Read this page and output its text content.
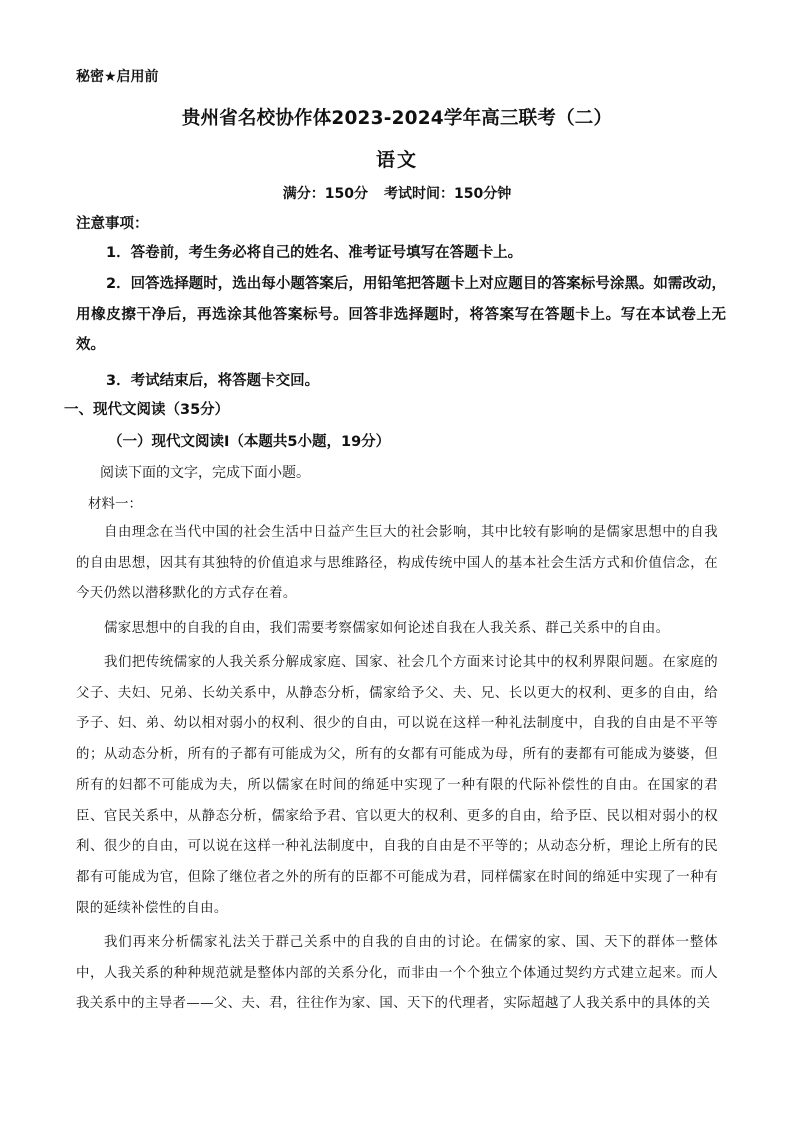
秘密★启用前
贵州省名校协作体2023-2024学年高三联考（二）
语文
满分：150分 考试时间：150分钟
注意事项：
1．答卷前，考生务必将自己的姓名、准考证号填写在答题卡上。
2．回答选择题时，选出每小题答案后，用铅笔把答题卡上对应题目的答案标号涂黑。如需改动，用橡皮擦干净后，再选涂其他答案标号。回答非选择题时，将答案写在答题卡上。写在本试卷上无效。
3．考试结束后，将答题卡交回。
一、现代文阅读（35分）
（一）现代文阅读Ⅰ（本题共5小题，19分）
阅读下面的文字，完成下面小题。
材料一：
自由理念在当代中国的社会生活中日益产生巨大的社会影响，其中比较有影响的是儒家思想中的自我的自由思想，因其有其独特的价值追求与思维路径，构成传统中国人的基本社会生活方式和价值信念，在今天仍然以潜移默化的方式存在着。
儒家思想中的自我的自由，我们需要考察儒家如何论述自我在人我关系、群己关系中的自由。
我们把传统儒家的人我关系分解成家庭、国家、社会几个方面来讨论其中的权利界限问题。在家庭的父子、夫妇、兄弟、长幼关系中，从静态分析，儒家给予父、夫、兄、长以更大的权利、更多的自由，给予子、妇、弟、幼以相对弱小的权利、很少的自由，可以说在这样一种礼法制度中，自我的自由是不平等的；从动态分析，所有的子都有可能成为父，所有的女都有可能成为母，所有的妻都有可能成为婆婆，但所有的妇都不可能成为夫，所以儒家在时间的绵延中实现了一种有限的代际补偿性的自由。在国家的君臣、官民关系中，从静态分析，儒家给予君、官以更大的权利、更多的自由，给予臣、民以相对弱小的权利、很少的自由，可以说在这样一种礼法制度中，自我的自由是不平等的；从动态分析，理论上所有的民都有可能成为官，但除了继位者之外的所有的臣都不可能成为君，同样儒家在时间的绵延中实现了一种有限的延续补偿性的自由。
我们再来分析儒家礼法关于群己关系中的自我的自由的讨论。在儒家的家、国、天下的群体一整体中，人我关系的种种规范就是整体内部的关系分化，而非由一个个独立个体通过契约方式建立起来。而人我关系中的主导者——父、夫、君，往往作为家、国、天下的代理者，实际超越了人我关系中的具体的关
